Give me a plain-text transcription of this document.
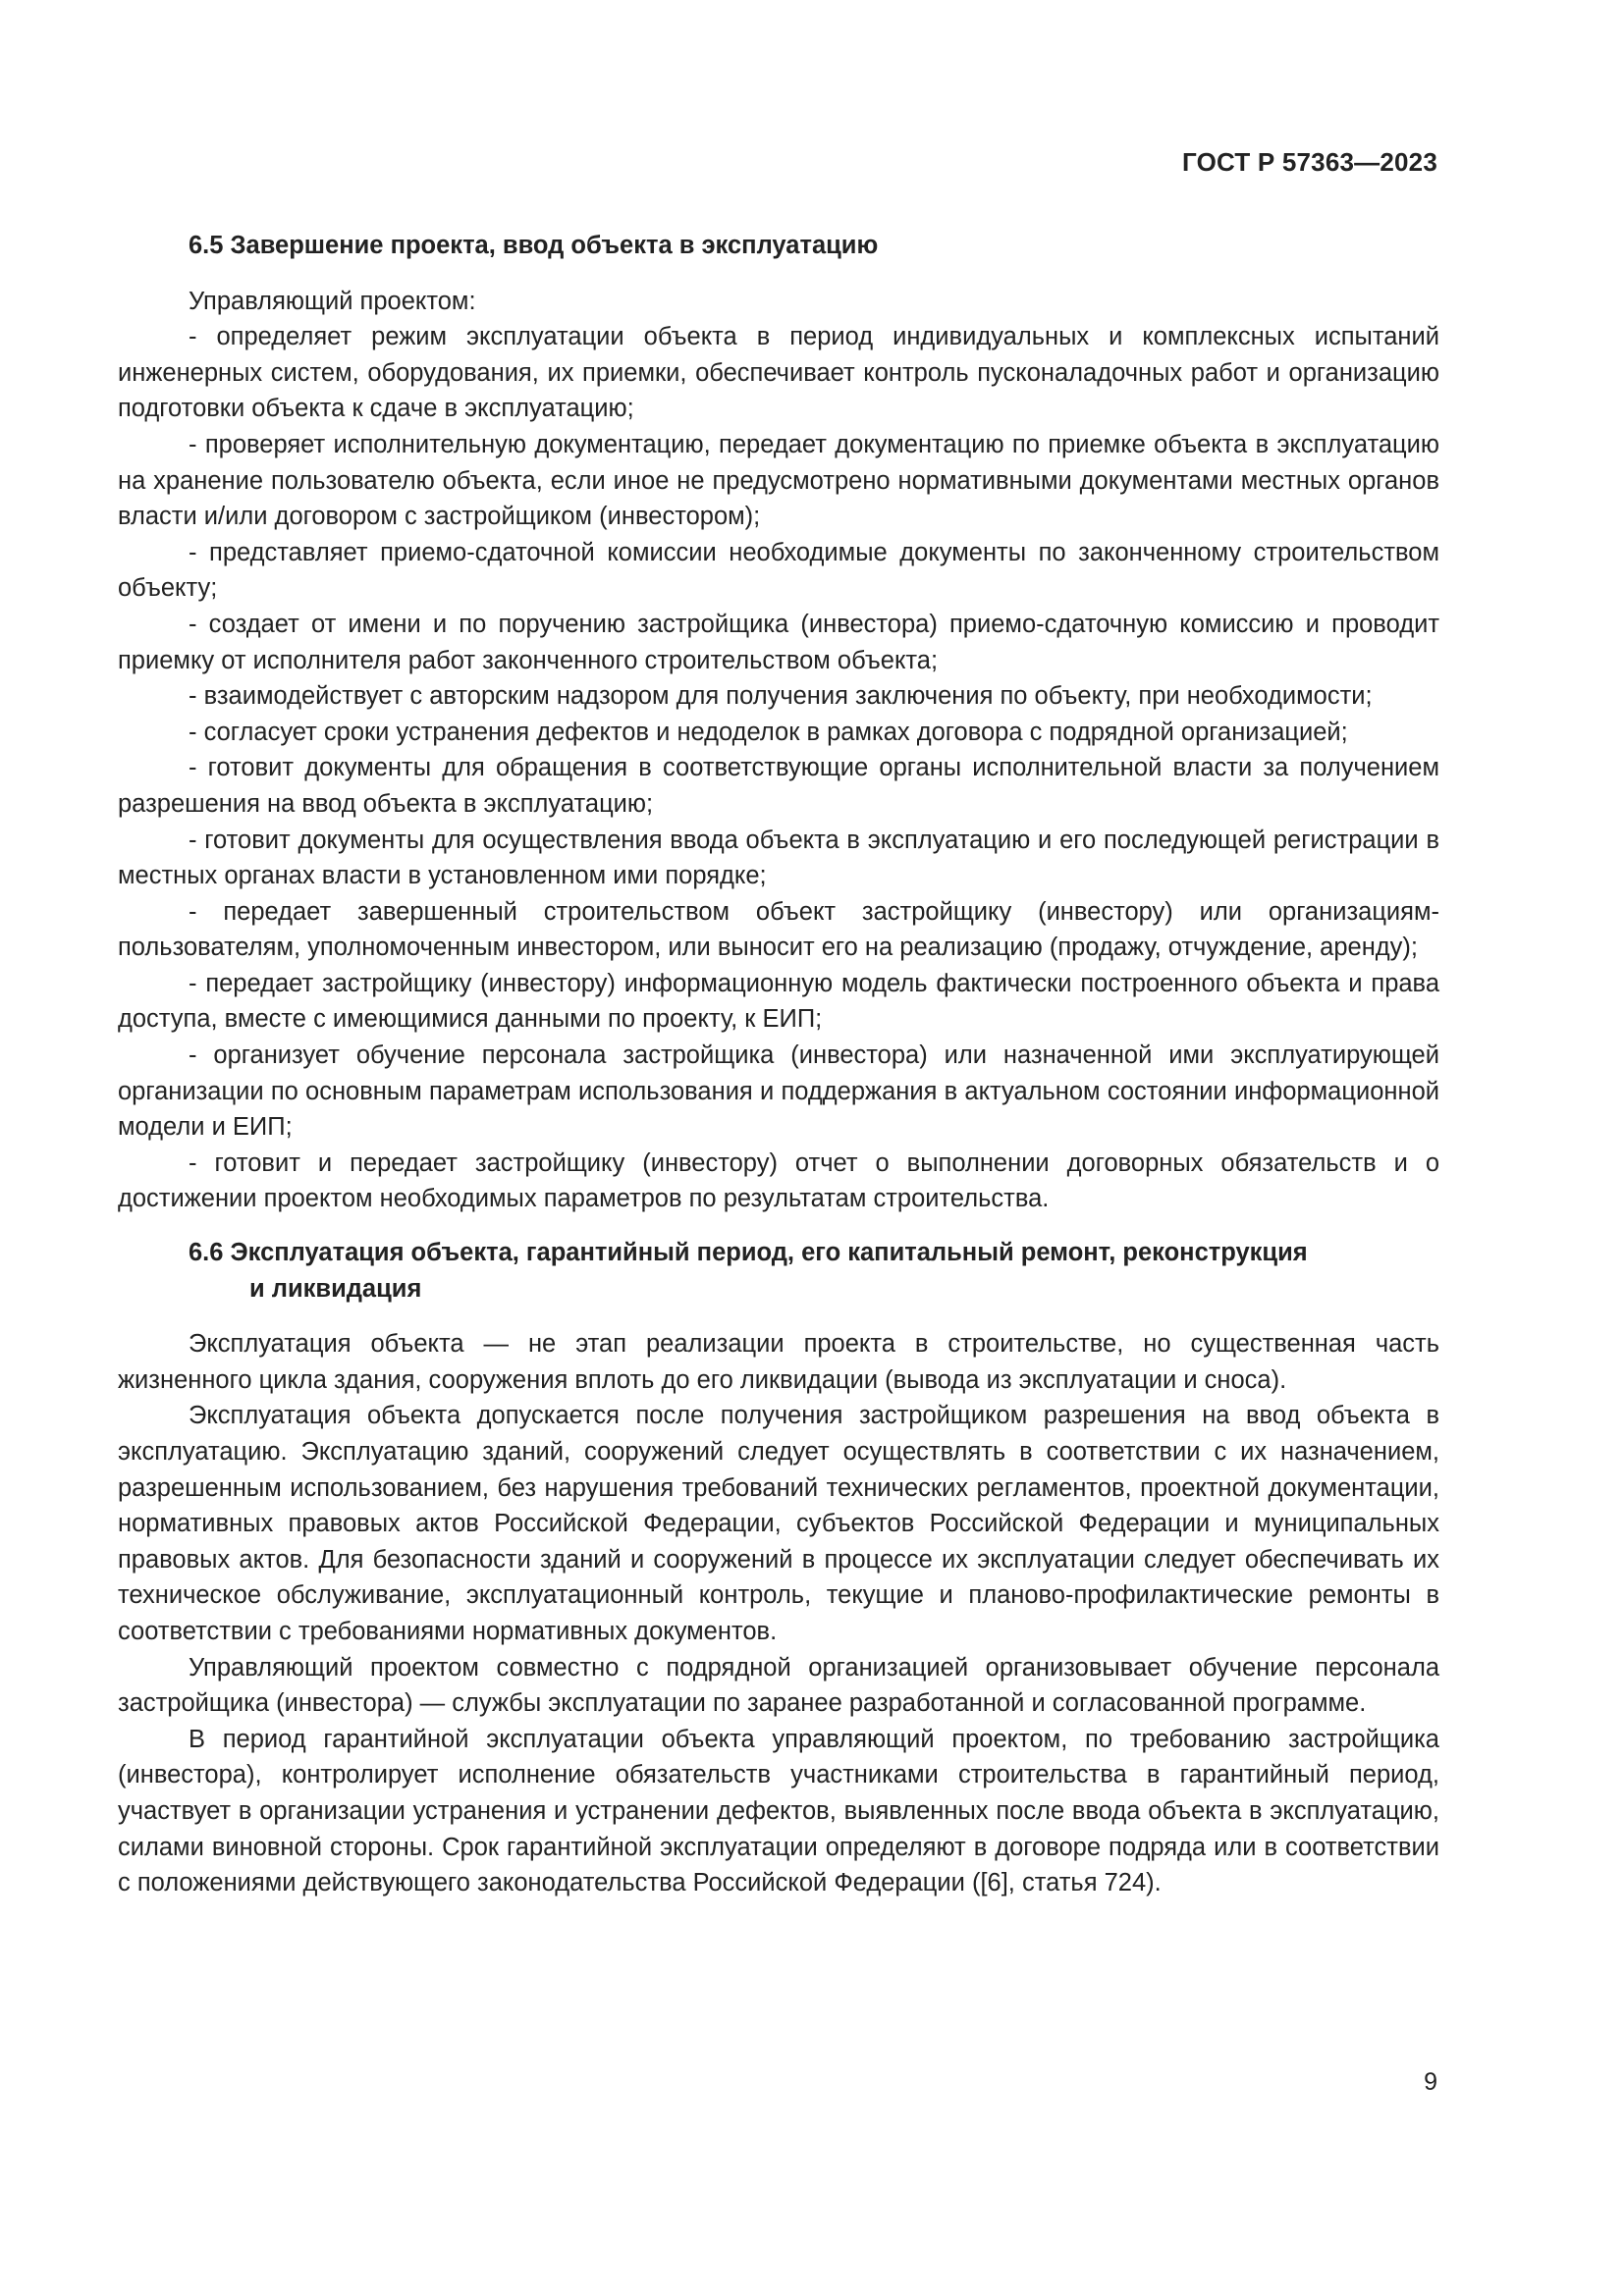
ГОСТ Р 57363—2023

6.5 Завершение проекта, ввод объекта в эксплуатацию

Управляющий проектом:

- определяет режим эксплуатации объекта в период индивидуальных и комплексных испытаний инженерных систем, оборудования, их приемки, обеспечивает контроль пусконаладочных работ и организацию подготовки объекта к сдаче в эксплуатацию;

- проверяет исполнительную документацию, передает документацию по приемке объекта в эксплуатацию на хранение пользователю объекта, если иное не предусмотрено нормативными документами местных органов власти и/или договором с застройщиком (инвестором);

- представляет приемо-сдаточной комиссии необходимые документы по законченному строительством объекту;

- создает от имени и по поручению застройщика (инвестора) приемо-сдаточную комиссию и проводит приемку от исполнителя работ законченного строительством объекта;

- взаимодействует с авторским надзором для получения заключения по объекту, при необходимости;

- согласует сроки устранения дефектов и недоделок в рамках договора с подрядной организацией;

- готовит документы для обращения в соответствующие органы исполнительной власти за получением разрешения на ввод объекта в эксплуатацию;

- готовит документы для осуществления ввода объекта в эксплуатацию и его последующей регистрации в местных органах власти в установленном ими порядке;

- передает завершенный строительством объект застройщику (инвестору) или организациям-пользователям, уполномоченным инвестором, или выносит его на реализацию (продажу, отчуждение, аренду);

- передает застройщику (инвестору) информационную модель фактически построенного объекта и права доступа, вместе с имеющимися данными по проекту, к ЕИП;

- организует обучение персонала застройщика (инвестора) или назначенной ими эксплуатирующей организации по основным параметрам использования и поддержания в актуальном состоянии информационной модели и ЕИП;

- готовит и передает застройщику (инвестору) отчет о выполнении договорных обязательств и о достижении проектом необходимых параметров по результатам строительства.

6.6 Эксплуатация объекта, гарантийный период, его капитальный ремонт, реконструкция
и ликвидация

Эксплуатация объекта — не этап реализации проекта в строительстве, но существенная часть жизненного цикла здания, сооружения вплоть до его ликвидации (вывода из эксплуатации и сноса).

Эксплуатация объекта допускается после получения застройщиком разрешения на ввод объекта в эксплуатацию. Эксплуатацию зданий, сооружений следует осуществлять в соответствии с их назначением, разрешенным использованием, без нарушения требований технических регламентов, проектной документации, нормативных правовых актов Российской Федерации, субъектов Российской Федерации и муниципальных правовых актов. Для безопасности зданий и сооружений в процессе их эксплуатации следует обеспечивать их техническое обслуживание, эксплуатационный контроль, текущие и планово-профилактические ремонты в соответствии с требованиями нормативных документов.

Управляющий проектом совместно с подрядной организацией организовывает обучение персонала застройщика (инвестора) — службы эксплуатации по заранее разработанной и согласованной программе.

В период гарантийной эксплуатации объекта управляющий проектом, по требованию застройщика (инвестора), контролирует исполнение обязательств участниками строительства в гарантийный период, участвует в организации устранения и устранении дефектов, выявленных после ввода объекта в эксплуатацию, силами виновной стороны. Срок гарантийной эксплуатации определяют в договоре подряда или в соответствии с положениями действующего законодательства Российской Федерации ([6], статья 724).

9
